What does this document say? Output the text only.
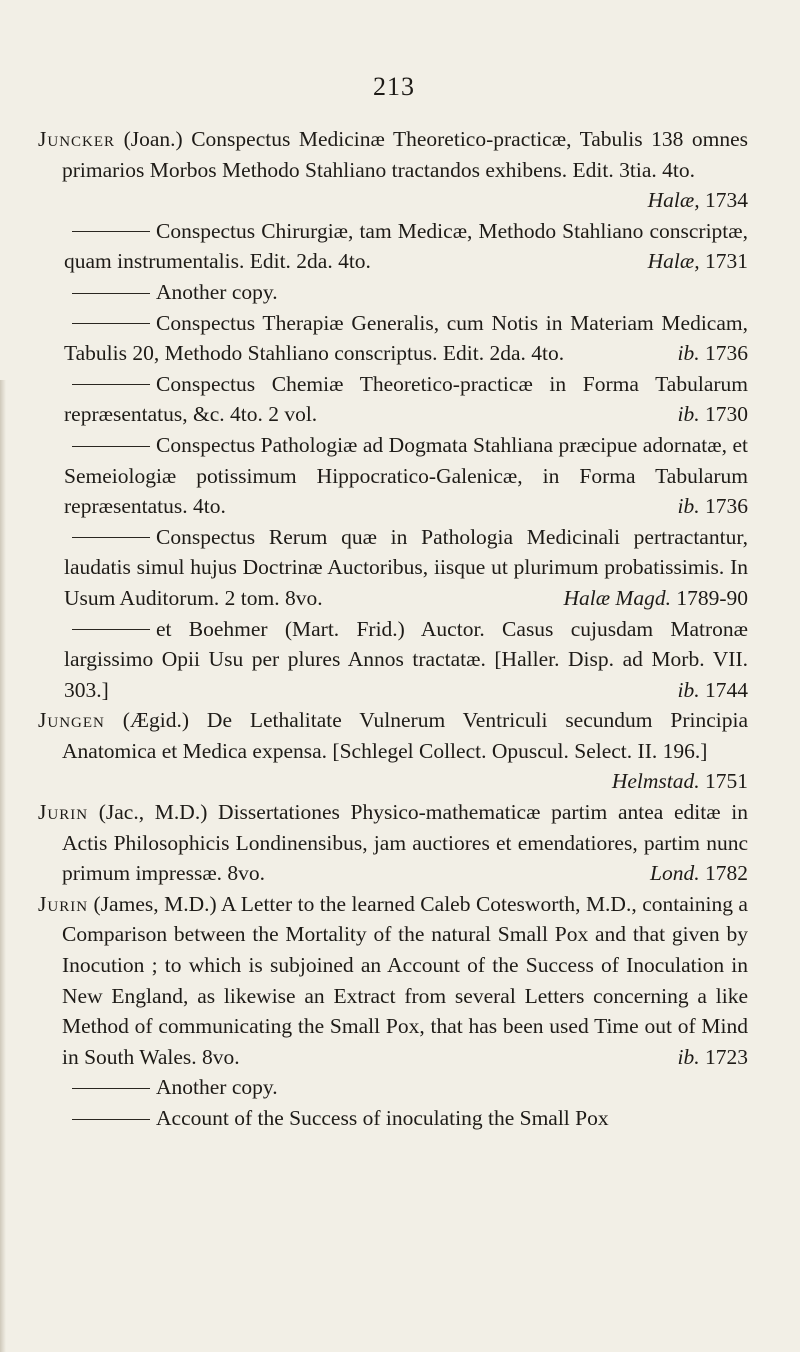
213
Juncker (Joan.) Conspectus Medicinæ Theoretico-practicæ, Tabulis 138 omnes primarios Morbos Methodo Stahliano tractandos exhibens. Edit. 3tia. 4to.
Halæ, 1734
Conspectus Chirurgiæ, tam Medicæ, Methodo Stahliano conscriptæ, quam instrumentalis. Edit. 2da. 4to.	Halæ, 1731
Another copy.
Conspectus Therapiæ Generalis, cum Notis in Materiam Medicam, Tabulis 20, Methodo Stahliano conscriptus. Edit. 2da. 4to.	ib. 1736
Conspectus Chemiæ Theoretico-practicæ in Forma Tabularum repræsentatus, &c. 4to. 2 vol.	ib. 1730
Conspectus Pathologiæ ad Dogmata Stahliana præcipue adornatæ, et Semeiologiæ potissimum Hippocratico-Galenicæ, in Forma Tabularum repræsentatus. 4to.	ib. 1736
Conspectus Rerum quæ in Pathologia Medicinali pertractantur, laudatis simul hujus Doctrinæ Auctoribus, iisque ut plurimum probatissimis. In Usum Auditorum. 2 tom. 8vo.	Halæ Magd. 1789-90
et Boehmer (Mart. Frid.) Auctor. Casus cujusdam Matronæ largissimo Opii Usu per plures Annos tractatæ. [Haller. Disp. ad Morb. VII. 303.]	ib. 1744
Jungen (Ægid.) De Lethalitate Vulnerum Ventriculi secundum Principia Anatomica et Medica expensa. [Schlegel Collect. Opuscul. Select. II. 196.]
Helmstad. 1751
Jurin (Jac., M.D.) Dissertationes Physico-mathematicæ partim antea editæ in Actis Philosophicis Londinensibus, jam auctiores et emendatiores, partim nunc primum impressæ. 8vo.	Lond. 1782
Jurin (James, M.D.) A Letter to the learned Caleb Cotesworth, M.D., containing a Comparison between the Mortality of the natural Small Pox and that given by Inocution ; to which is subjoined an Account of the Success of Inoculation in New England, as likewise an Extract from several Letters concerning a like Method of communicating the Small Pox, that has been used Time out of Mind in South Wales. 8vo.	ib. 1723
Another copy.
Account of the Success of inoculating the Small Pox
